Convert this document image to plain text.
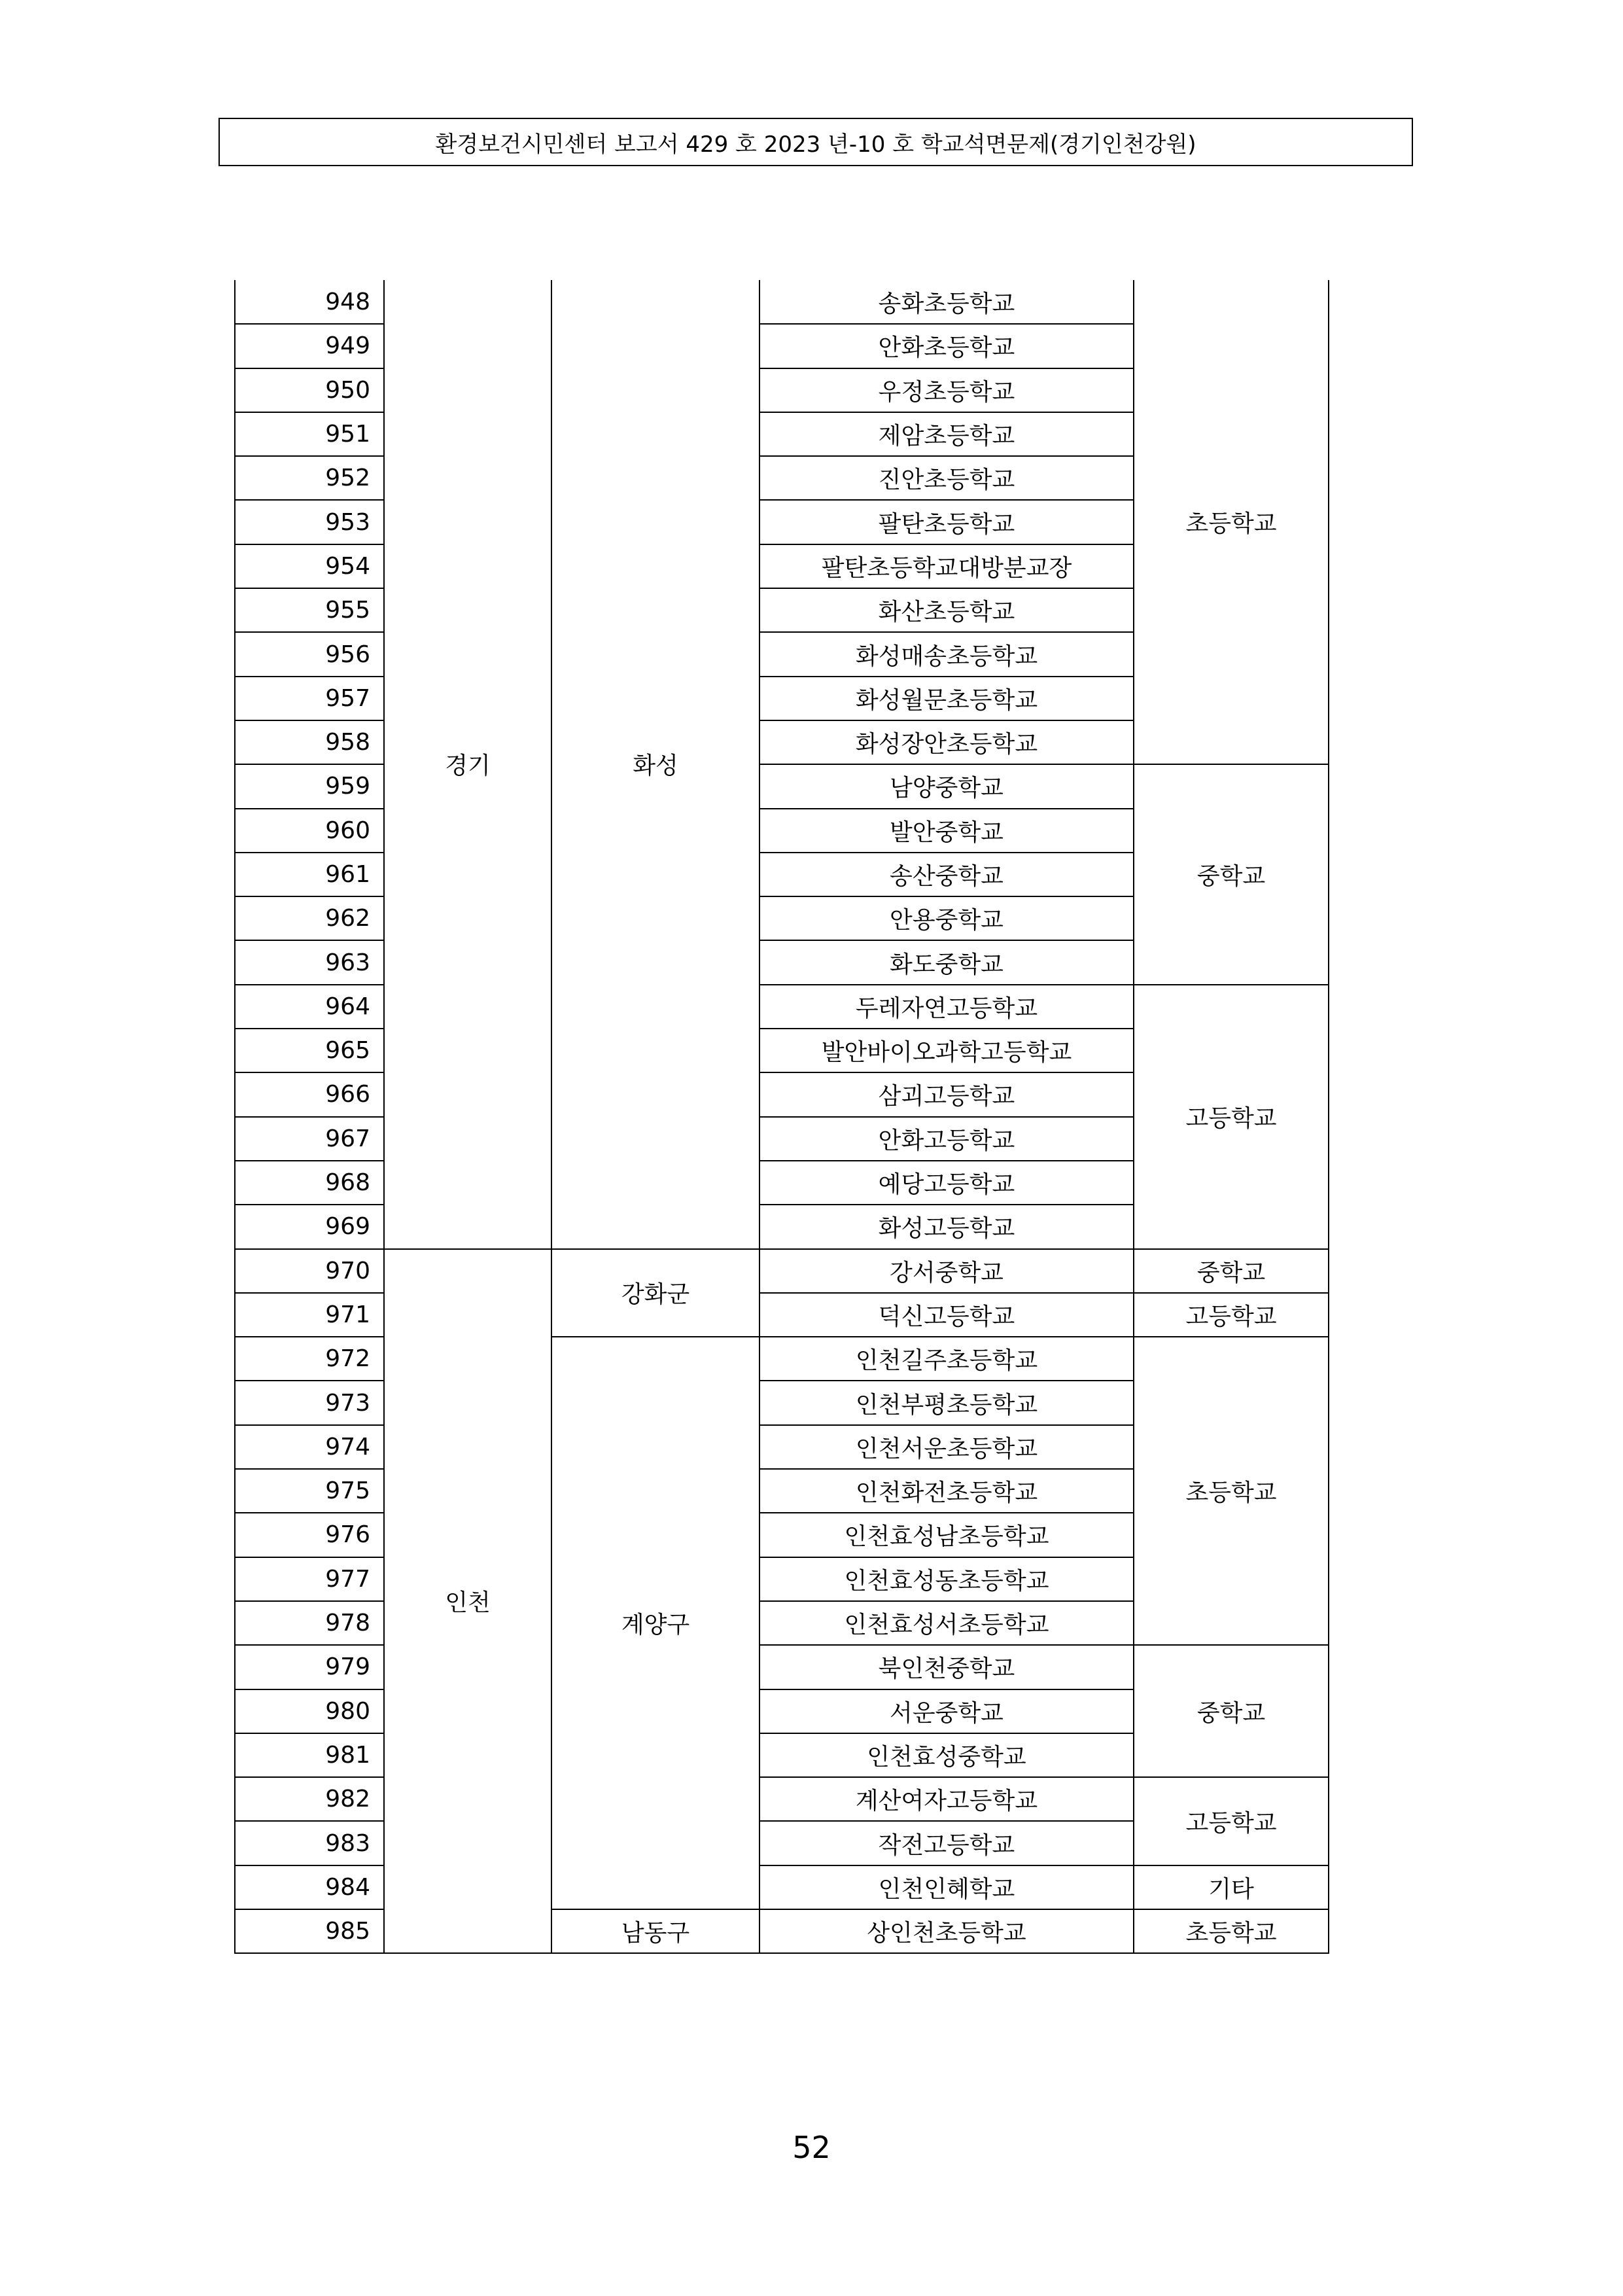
환경보건시민센터 보고서 429 호 2023 년-10 호 학교석면문제(경기인천강원)
948	경기	화성	송화초등학교	초등학교
949			안화초등학교	
950			우정초등학교	
951			제암초등학교	
952			진안초등학교	
953			팔탄초등학교	
954			팔탄초등학교대방분교장	
955			화산초등학교	
956			화성매송초등학교	
957			화성월문초등학교	
958			화성장안초등학교	
959			남양중학교	중학교
960			발안중학교	
961			송산중학교	
962			안용중학교	
963			화도중학교	
964			두레자연고등학교	고등학교
965			발안바이오과학고등학교	
966			삼괴고등학교	
967			안화고등학교	
968			예당고등학교	
969			화성고등학교	
970	인천	강화군	강서중학교	중학교
971			덕신고등학교	고등학교
972		계양구	인천길주초등학교	초등학교
973			인천부평초등학교	
974			인천서운초등학교	
975			인천화전초등학교	
976			인천효성남초등학교	
977			인천효성동초등학교	
978			인천효성서초등학교	
979			북인천중학교	중학교
980			서운중학교	
981			인천효성중학교	
982			계산여자고등학교	고등학교
983			작전고등학교	
984			인천인혜학교	기타
985		남동구	상인천초등학교	초등학교
52
